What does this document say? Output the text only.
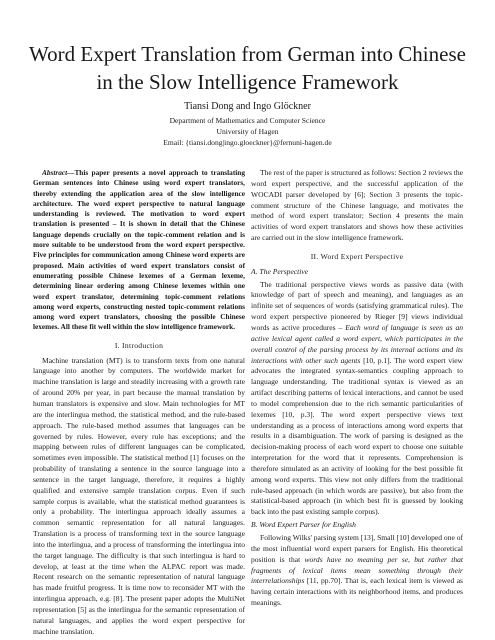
Word Expert Translation from German into Chinese
in the Slow Intelligence Framework
Tiansi Dong and Ingo Glöckner
Department of Mathematics and Computer Science
University of Hagen
Email: {tiansi.dong|ingo.gloeckner}@fernuni-hagen.de

Abstract—This paper presents a novel approach to translating German sentences into Chinese using word expert translators, thereby extending the application area of the slow intelligence architecture. The word expert perspective to natural language understanding is reviewed. The motivation to word expert translation is presented – It is shown in detail that the Chinese language depends crucially on the topic-comment relation and is more suitable to be understood from the word expert perspective. Five principles for communication among Chinese word experts are proposed. Main activities of word expert translators consist of enumerating possible Chinese lexemes of a German lexeme, determining linear ordering among Chinese lexemes within one word expert translator, determining topic-comment relations among word experts, constructing nested topic-comment relations among word expert translators, choosing the possible Chinese lexemes. All these fit well within the slow intelligence framework.

I. Introduction

Machine translation (MT) is to transform texts from one natural language into another by computers. The worldwide market for machine translation is large and steadily increasing with a growth rate of around 20% per year, in part because the manual translation by human translators is expensive and slow. Main technologies for MT are the interlingua method, the statistical method, and the rule-based approach. The rule-based method assumes that languages can be governed by rules. However, every rule has exceptions; and the mapping between rules of different languages can be complicated, sometimes even impossible. The statistical method [1] focuses on the probability of translating a sentence in the source language into a sentence in the target language, therefore, it requires a highly qualified and extensive sample translation corpus. Even if such sample corpus is available, what the statistical method guarantees is only a probability. The interlingua approach ideally assumes a common semantic representation for all natural languages. Translation is a process of transforming text in the source language into the interlingua, and a process of transforming the interlingua into the target language. The difficulty is that such interlingua is hard to develop, at least at the time when the ALPAC report was made. Recent research on the semantic representation of natural language has made fruitful progress. It is time now to reconsider MT with the interlingua approach, e.g. [8]. The present paper adopts the MultiNet representation [5] as the interlingua for the semantic representation of natural languages, and applies the word expert perspective for machine translation.

The rest of the paper is structured as follows: Section 2 reviews the word expert perspective, and the successful application of the WOCADI parser developed by [6]; Section 3 presents the topic-comment structure of the Chinese language, and motivates the method of word expert translator; Section 4 presents the main activities of word expert translators and shows how these activities are carried out in the slow intelligence framework.

II. Word Expert Perspective
A. The Perspective

The traditional perspective views words as passive data (with knowledge of part of speech and meaning), and languages as an infinite set of sequences of words (satisfying grammatical rules). The word expert perspective pioneered by Rieger [9] views individual words as active procedures – Each word of language is seen as an active lexical agent called a word expert, which participates in the overall control of the parsing process by its internal actions and its interactions with other such agents [10, p.1]. The word expert view advocates the integrated syntax-semantics coupling approach to language understanding. The traditional syntax is viewed as an artifact describing patterns of lexical interactions, and cannot be used to model comprehension due to the rich semantic particularities of lexemes [10, p.3]. The word expert perspective views text understanding as a process of interactions among word experts that results in a disambiguation. The work of parsing is designed as the decision-making process of each word expert to choose one suitable interpretation for the word that it represents. Comprehension is therefore simulated as an activity of looking for the best possible fit among word experts. This view not only differs from the traditional rule-based approach (in which words are passive), but also from the statistical-based approach (in which best fit is guessed by looking back into the past existing sample corpus).

B. Word Expert Parser for English

Following Wilks' parsing system [13], Small [10] developed one of the most influential word expert parsers for English. His theoretical position is that words have no meaning per se, but rather that fragments of lexical items mean something through their interrelationships [11, pp.70]. That is, each lexical item is viewed as having certain interactions with its neighborhood items, and produces meanings.
